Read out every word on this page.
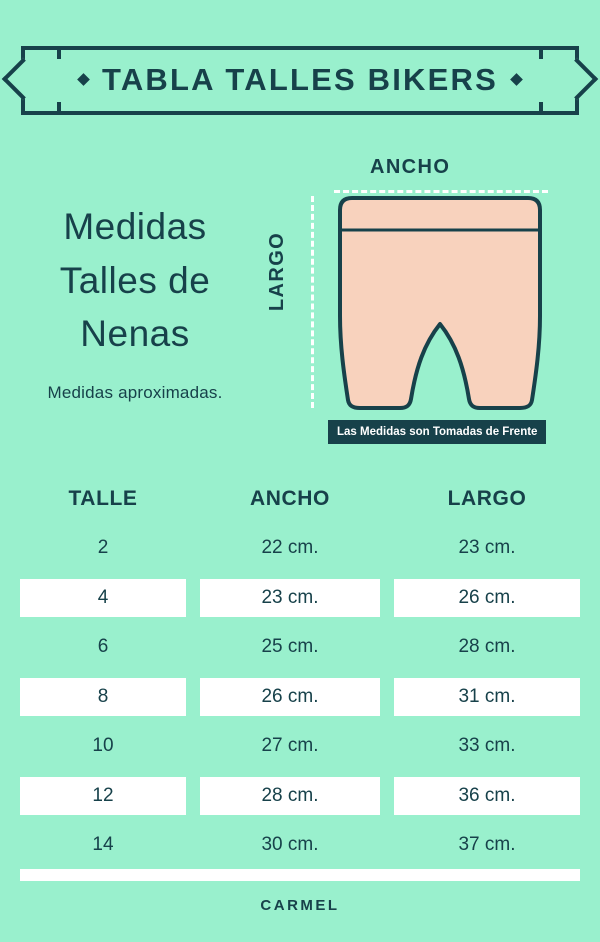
TABLA TALLES BIKERS
Medidas
Talles de
Nenas
Medidas aproximadas.
ANCHO
LARGO
Las Medidas son Tomadas de Frente
TALLE	ANCHO	LARGO
2	22 cm.	23 cm.
4	23 cm.	26 cm.
6	25 cm.	28 cm.
8	26 cm.	31 cm.
10	27 cm.	33 cm.
12	28 cm.	36 cm.
14	30 cm.	37 cm.
CARMEL
